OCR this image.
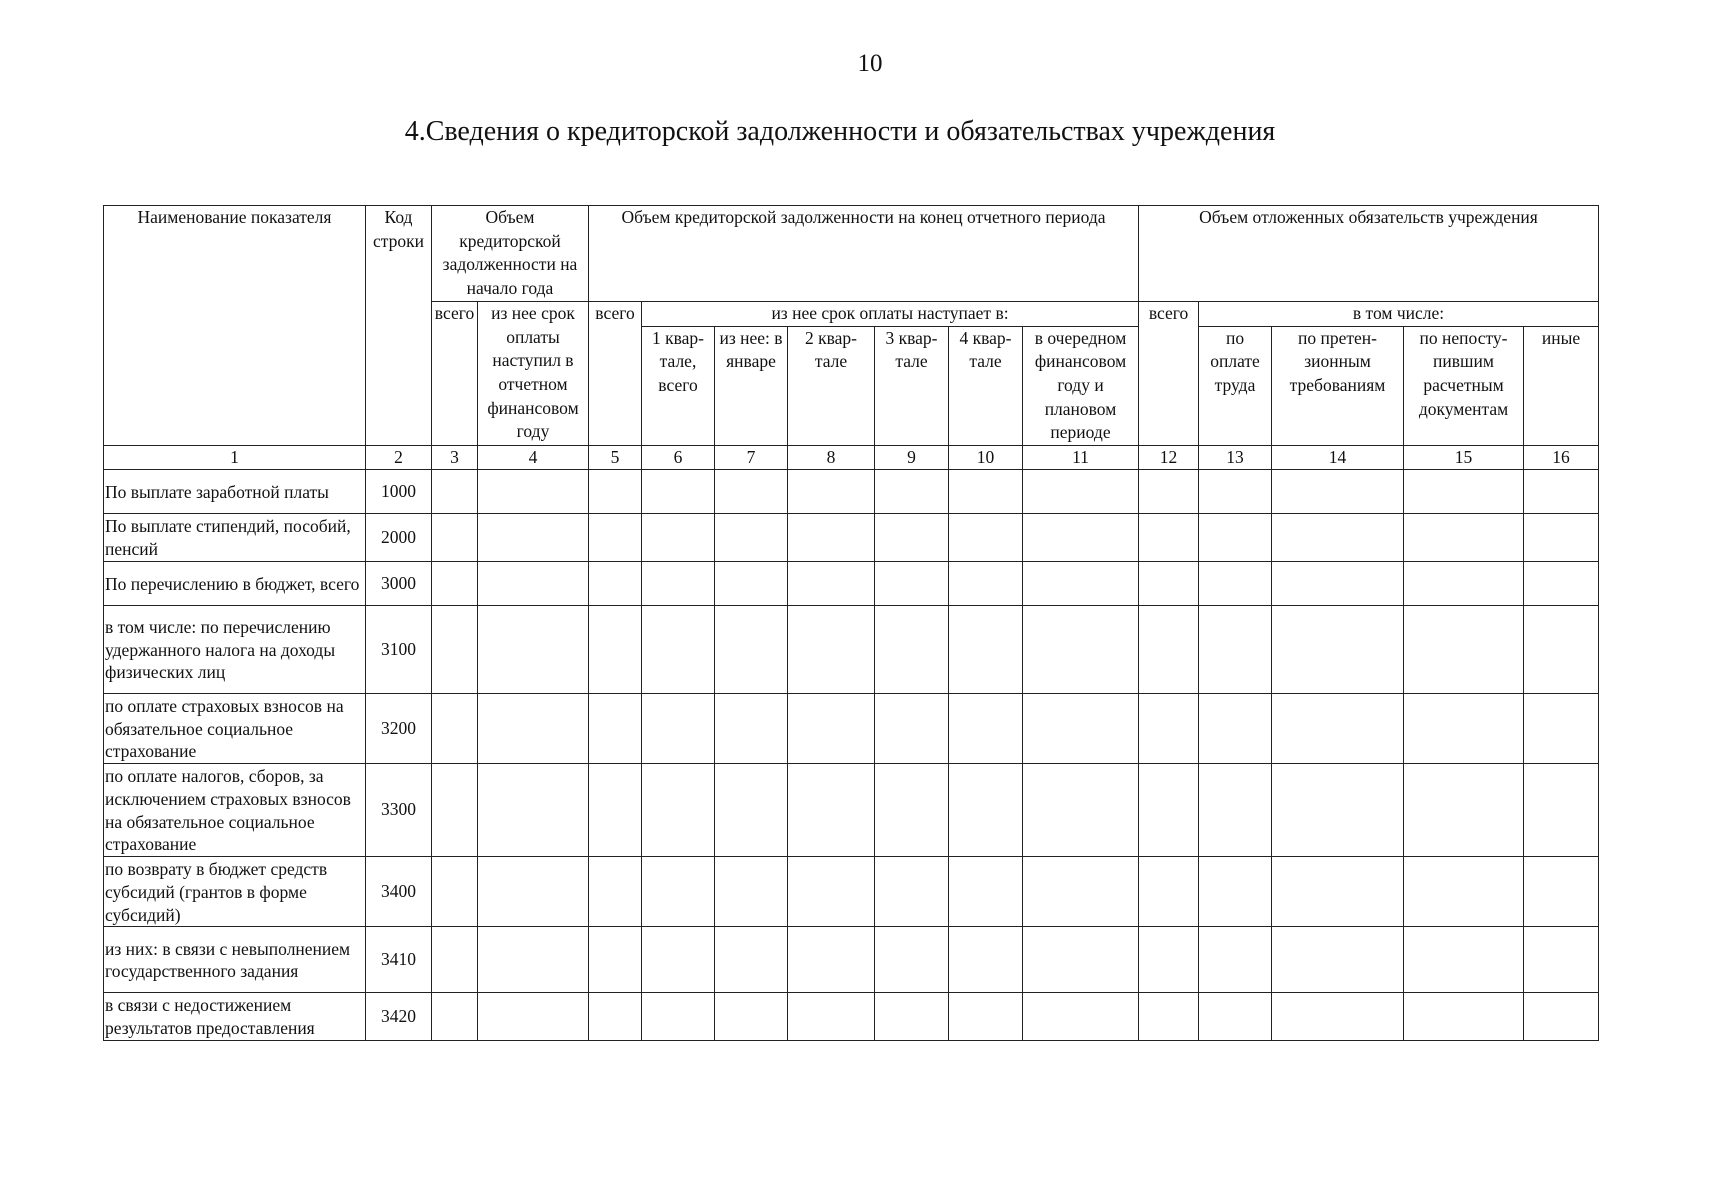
10
4.Сведения о кредиторской задолженности и обязательствах учреждения
Наименование показателя	Код строки	Объем кредиторской задолженности на начало года		Объем кредиторской задолженности на конец отчетного периода							Объем отложенных обязательств учреждения				
		всего	из нее срок оплаты наступил в отчетном финансовом году	всего	из нее срок оплаты наступает в:						всего	в том числе:			
					1 квар-тале, всего	из нее: в январе	2 квар-тале	3 квар-тале	4 квар-тале	в очередном финансовом году и плановом периоде		по оплате труда	по претен-зионным требованиям	по непосту-пившим расчетным документам	иные
1	2	3	4	5	6	7	8	9	10	11	12	13	14	15	16
По выплате заработной платы	1000														
По выплате стипендий, пособий, пенсий	2000														
По перечислению в бюджет, всего	3000														
в том числе: по перечислению удержанного налога на доходы физических лиц	3100														
по оплате страховых взносов на обязательное социальное страхование	3200														
по оплате налогов, сборов, за исключением страховых взносов на обязательное социальное страхование	3300														
по возврату в бюджет средств субсидий (грантов в форме субсидий)	3400														
из них: в связи с невыполнением государственного задания	3410														
в связи с недостижением результатов предоставления	3420														
